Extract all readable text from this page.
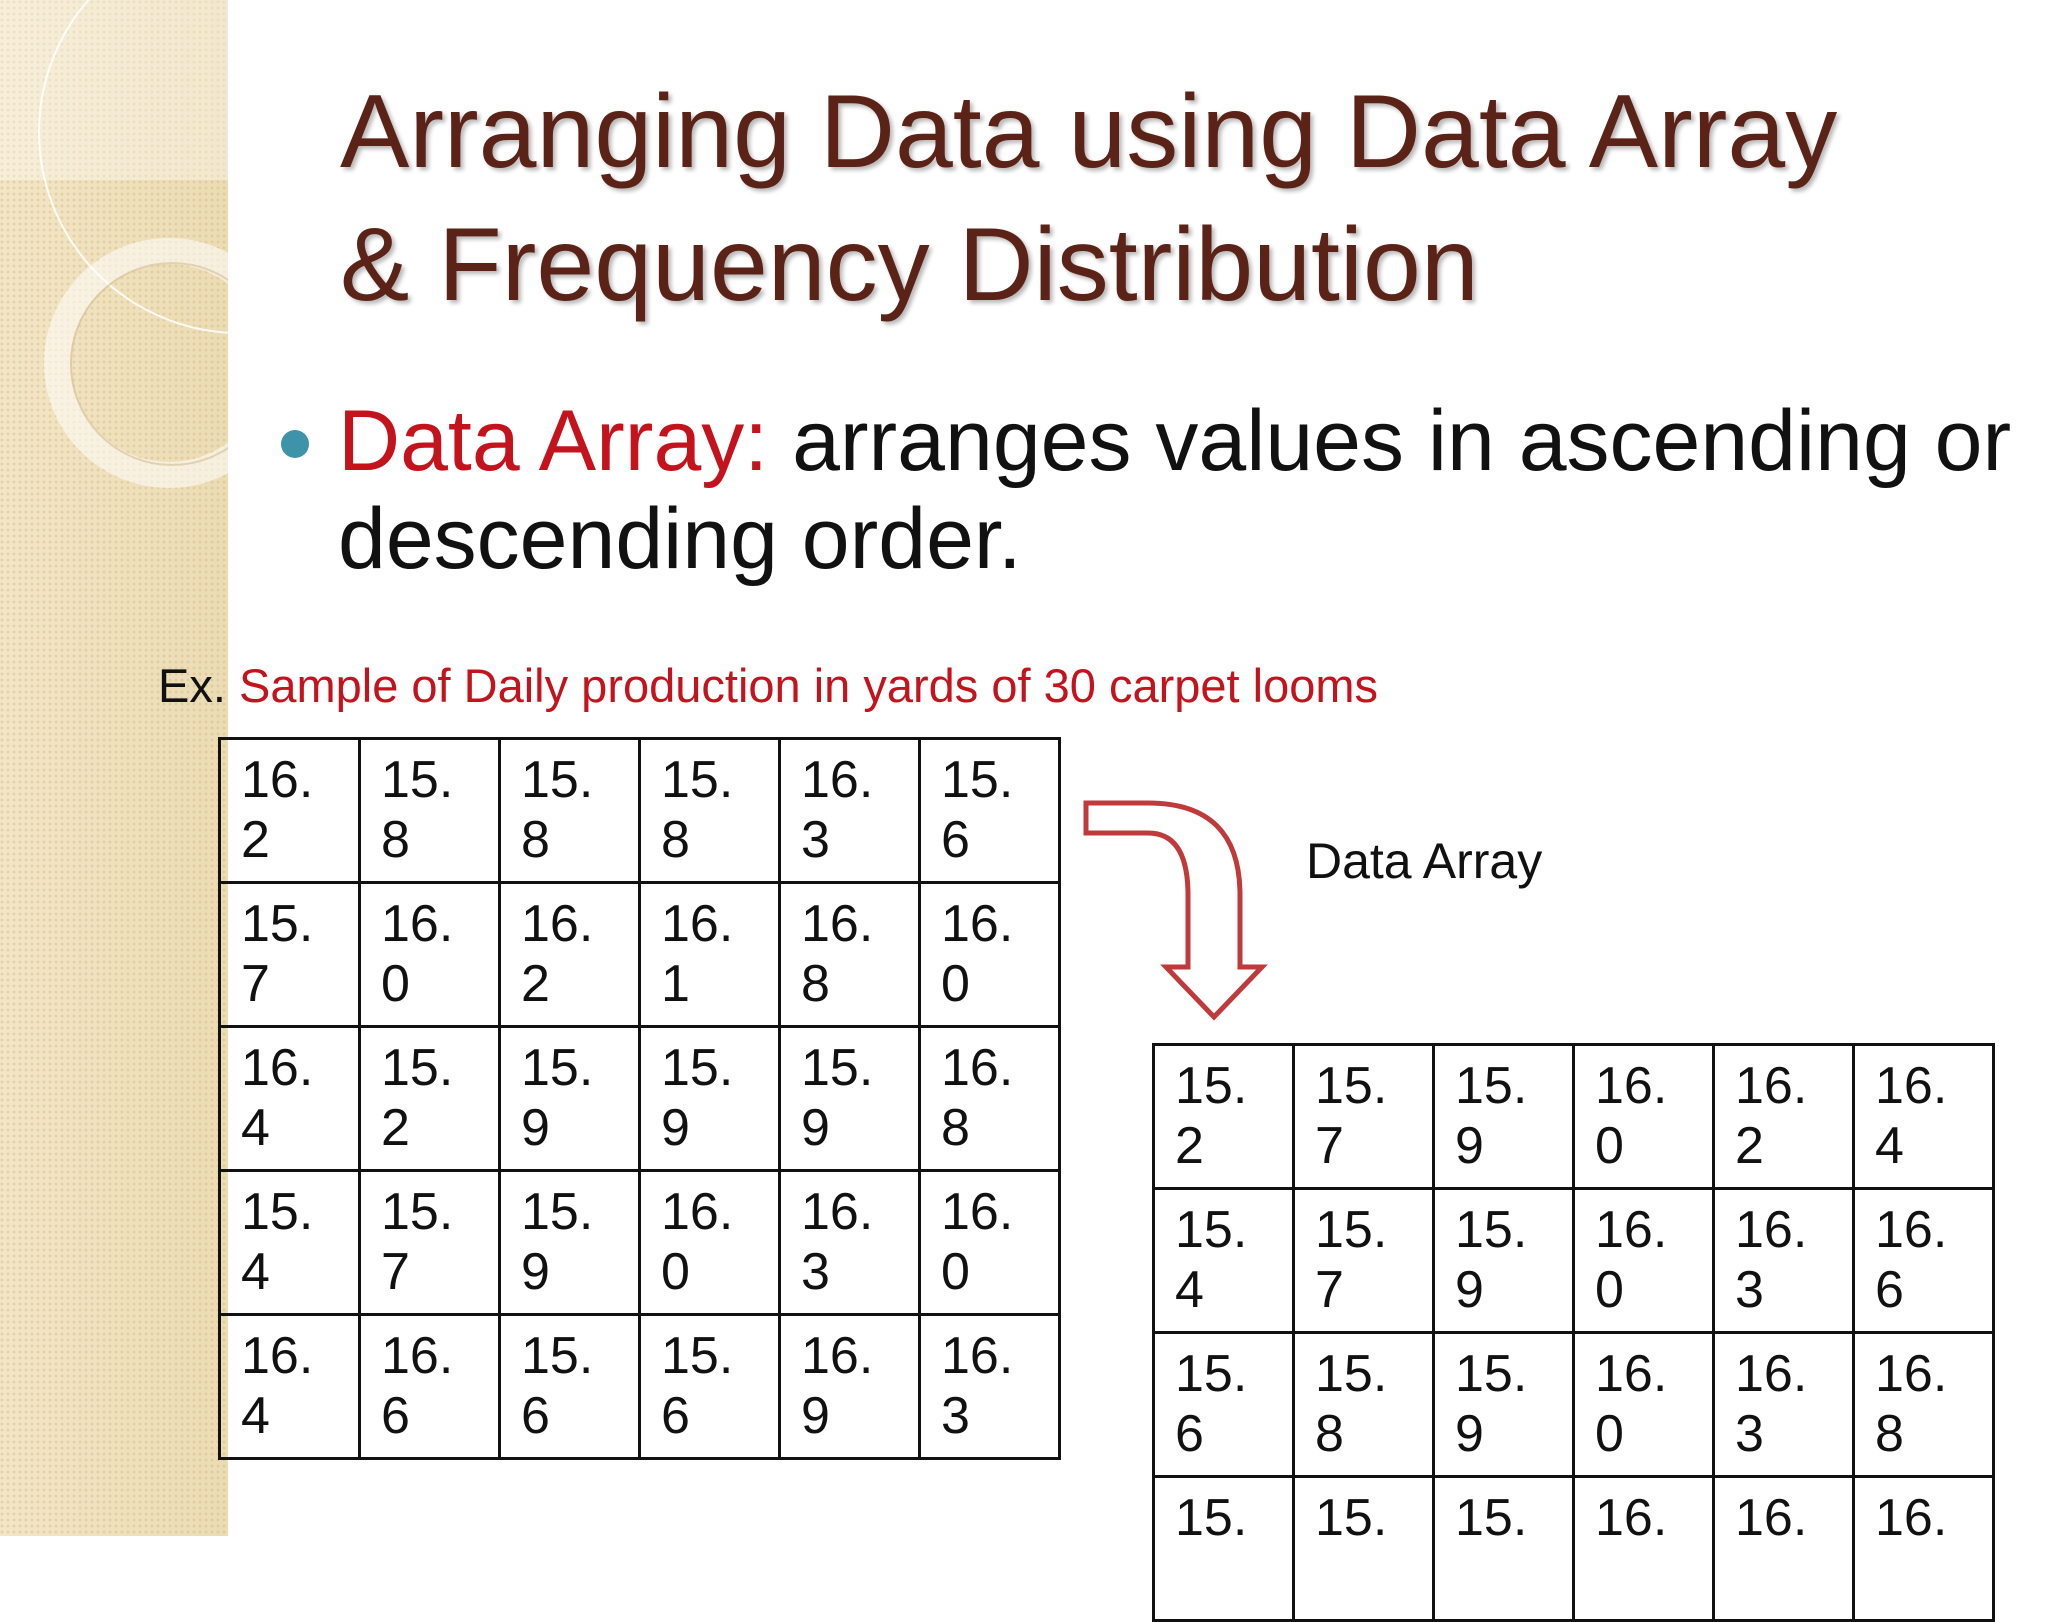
Arranging Data using Data Array
& Frequency Distribution
Data Array: arranges values in ascending or descending order.
Ex. Sample of Daily production in yards of 30 carpet looms
16.
2	15.
8	15.
8	15.
8	16.
3	15.
6
15.
7	16.
0	16.
2	16.
1	16.
8	16.
0
16.
4	15.
2	15.
9	15.
9	15.
9	16.
8
15.
4	15.
7	15.
9	16.
0	16.
3	16.
0
16.
4	16.
6	15.
6	15.
6	16.
9	16.
3
Data Array
15.
2	15.
7	15.
9	16.
0	16.
2	16.
4
15.
4	15.
7	15.
9	16.
0	16.
3	16.
6
15.
6	15.
8	15.
9	16.
0	16.
3	16.
8
15.	15.	15.	16.	16.	16.
